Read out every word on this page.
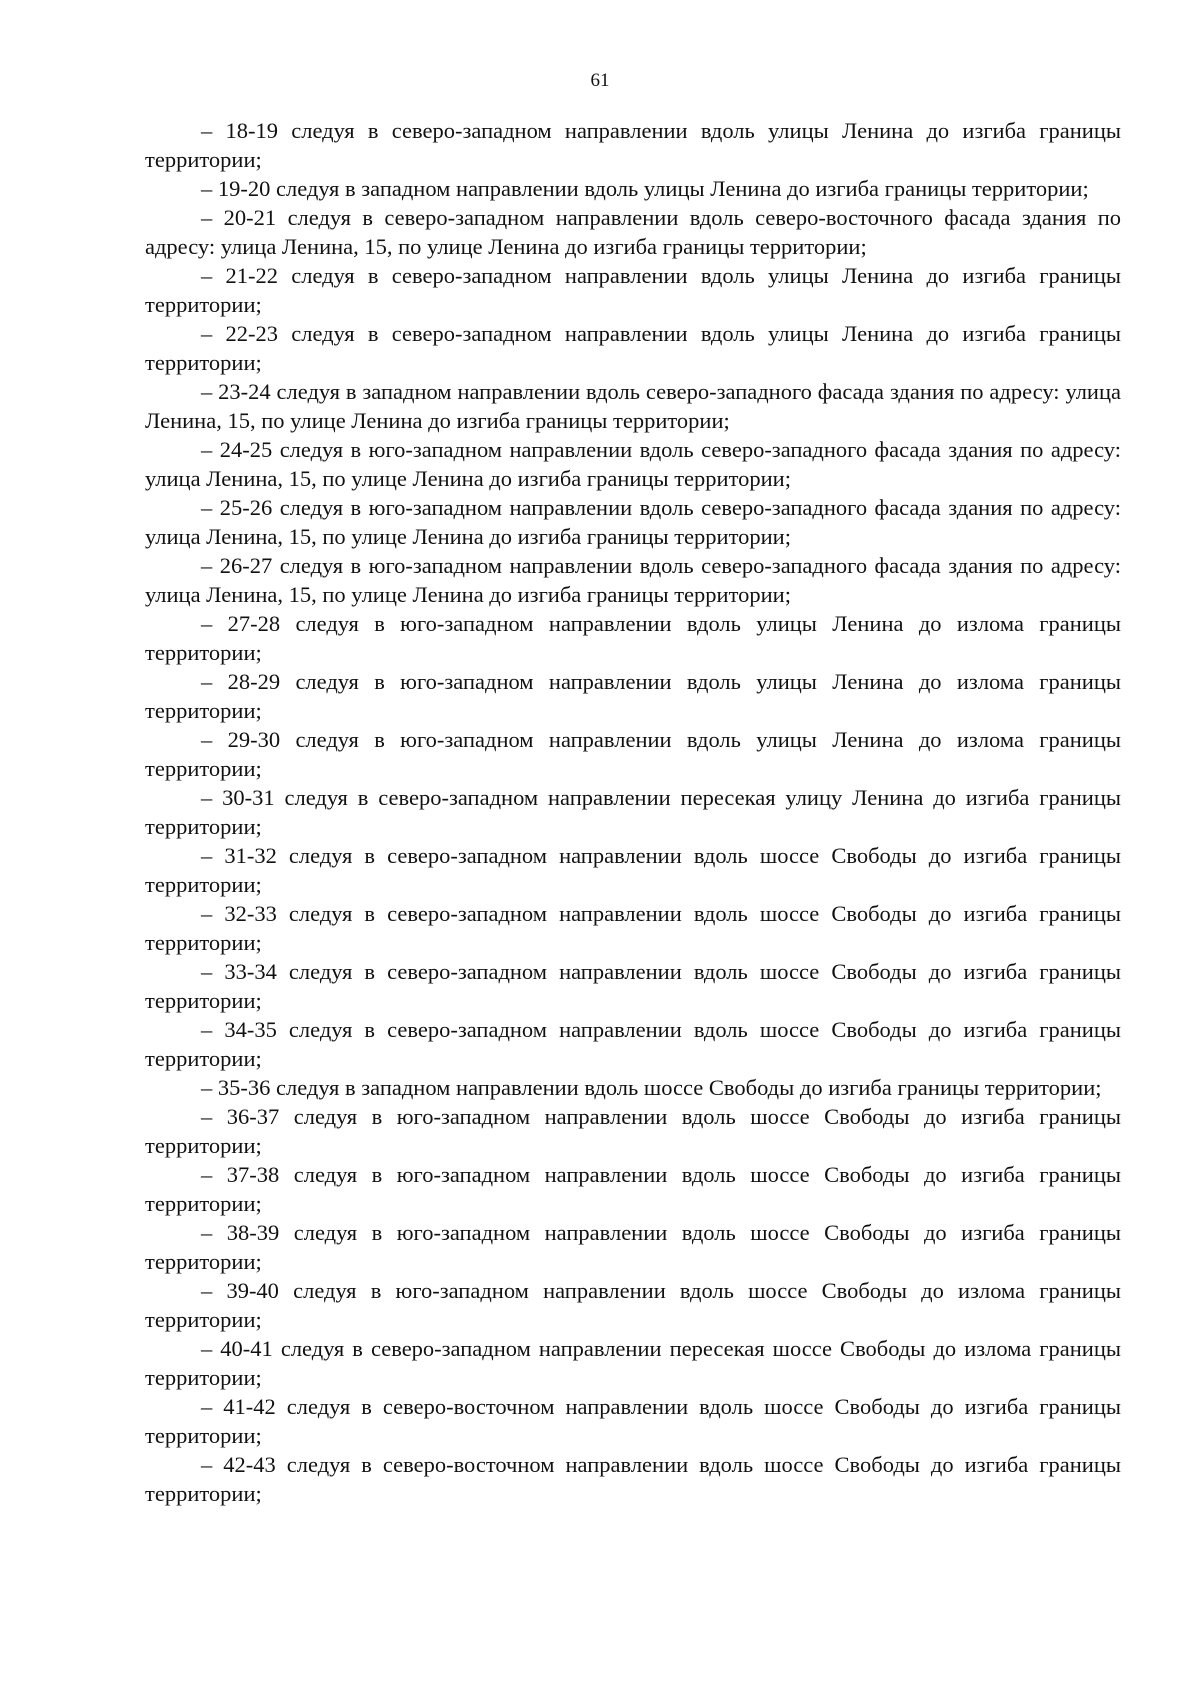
61

– 18-19 следуя в северо-западном направлении вдоль улицы Ленина до изгиба границы территории;

– 19-20 следуя в западном направлении вдоль улицы Ленина до изгиба границы территории;

– 20-21 следуя в северо-западном направлении вдоль северо-восточного фасада здания по адресу: улица Ленина, 15, по улице Ленина до изгиба границы территории;

– 21-22 следуя в северо-западном направлении вдоль улицы Ленина до изгиба границы территории;

– 22-23 следуя в северо-западном направлении вдоль улицы Ленина до изгиба границы территории;

– 23-24 следуя в западном направлении вдоль северо-западного фасада здания по адресу: улица Ленина, 15, по улице Ленина до изгиба границы территории;

– 24-25 следуя в юго-западном направлении вдоль северо-западного фасада здания по адресу: улица Ленина, 15, по улице Ленина до изгиба границы территории;

– 25-26 следуя в юго-западном направлении вдоль северо-западного фасада здания по адресу: улица Ленина, 15, по улице Ленина до изгиба границы территории;

– 26-27 следуя в юго-западном направлении вдоль северо-западного фасада здания по адресу: улица Ленина, 15, по улице Ленина до изгиба границы территории;

– 27-28 следуя в юго-западном направлении вдоль улицы Ленина до излома границы территории;

– 28-29 следуя в юго-западном направлении вдоль улицы Ленина до излома границы территории;

– 29-30 следуя в юго-западном направлении вдоль улицы Ленина до излома границы территории;

– 30-31 следуя в северо-западном направлении пересекая улицу Ленина до изгиба границы территории;

– 31-32 следуя в северо-западном направлении вдоль шоссе Свободы до изгиба границы территории;

– 32-33 следуя в северо-западном направлении вдоль шоссе Свободы до изгиба границы территории;

– 33-34 следуя в северо-западном направлении вдоль шоссе Свободы до изгиба границы территории;

– 34-35 следуя в северо-западном направлении вдоль шоссе Свободы до изгиба границы территории;

– 35-36 следуя в западном направлении вдоль шоссе Свободы до изгиба границы территории;

– 36-37 следуя в юго-западном направлении вдоль шоссе Свободы до изгиба границы территории;

– 37-38 следуя в юго-западном направлении вдоль шоссе Свободы до изгиба границы территории;

– 38-39 следуя в юго-западном направлении вдоль шоссе Свободы до изгиба границы территории;

– 39-40 следуя в юго-западном направлении вдоль шоссе Свободы до излома границы территории;

– 40-41 следуя в северо-западном направлении пересекая шоссе Свободы до излома границы территории;

– 41-42 следуя в северо-восточном направлении вдоль шоссе Свободы до изгиба границы территории;

– 42-43 следуя в северо-восточном направлении вдоль шоссе Свободы до изгиба границы территории;
